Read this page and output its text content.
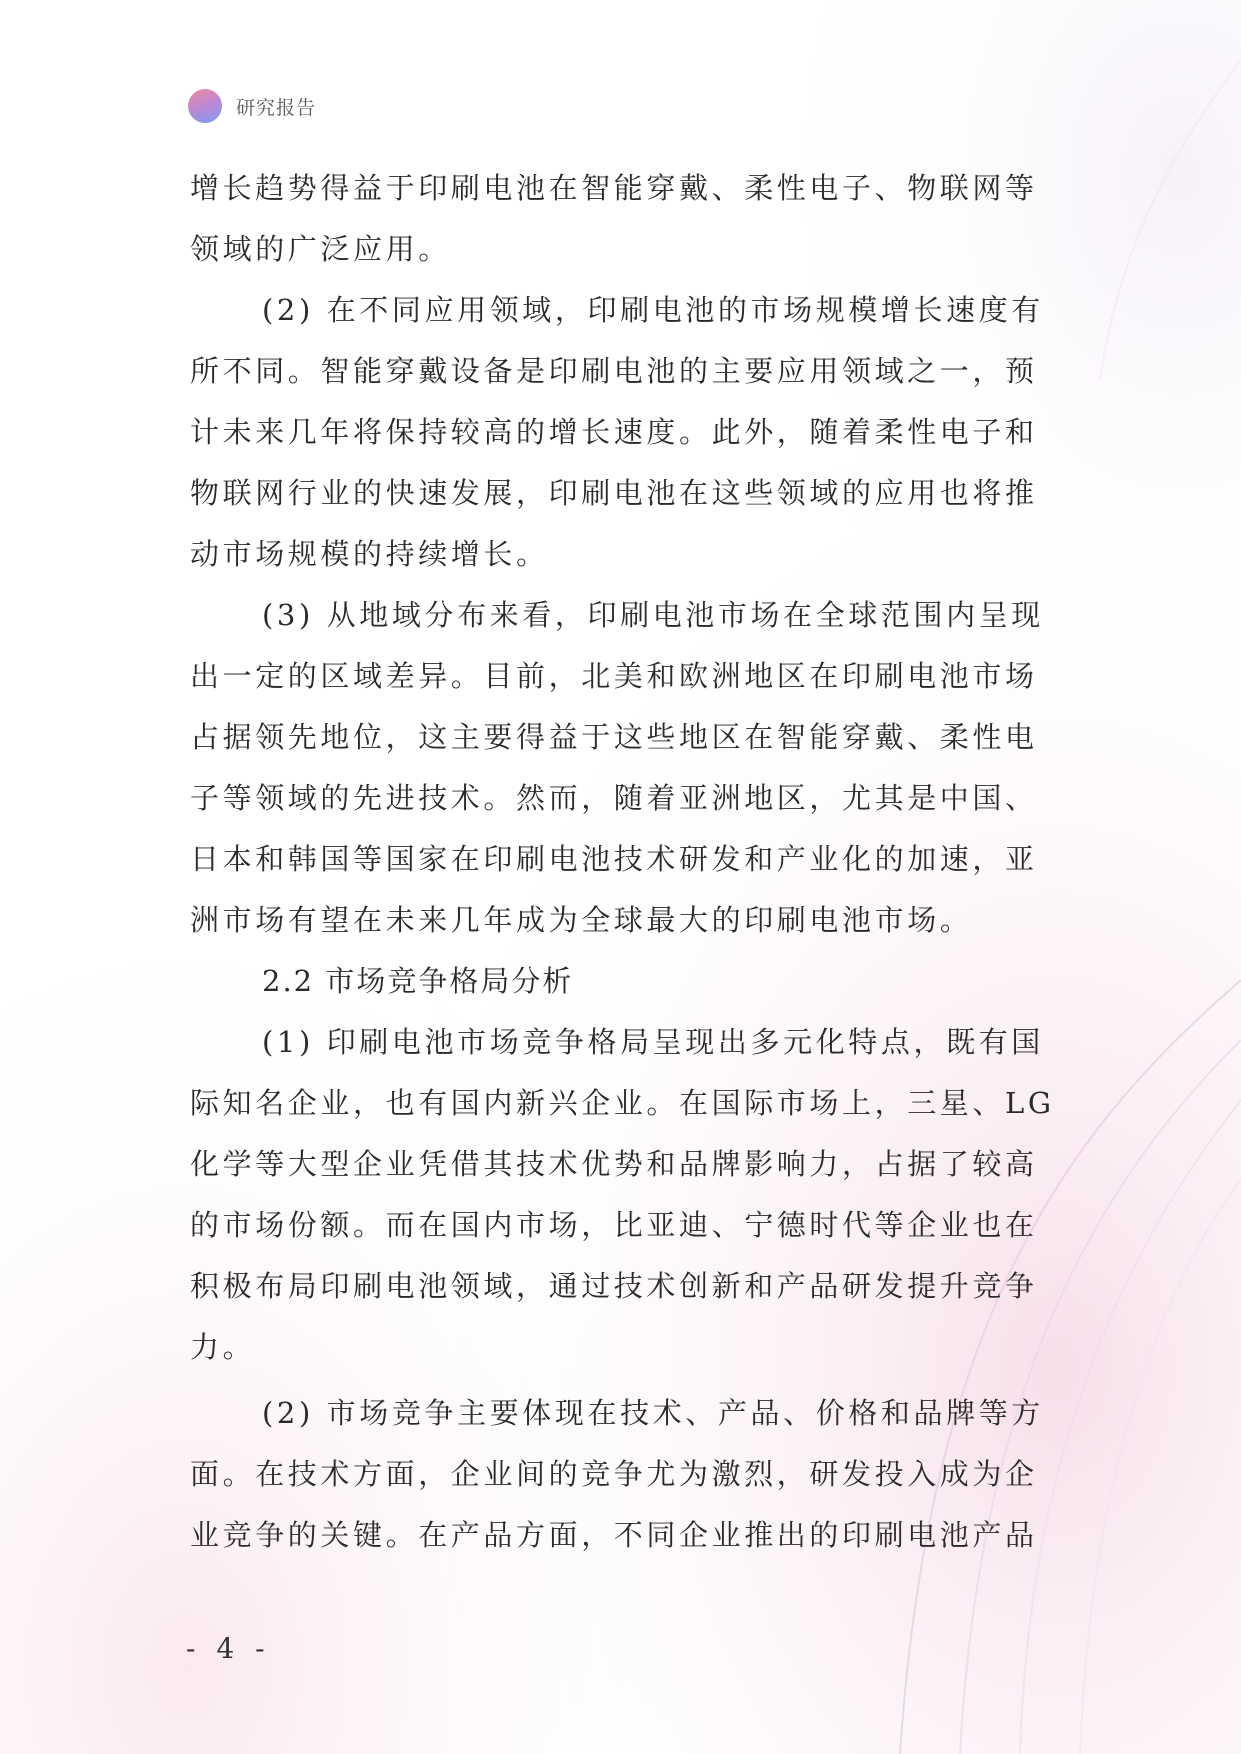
研究报告
增长趋势得益于印刷电池在智能穿戴、柔性电子、物联网等
领域的广泛应用。
(2) 在不同应用领域，印刷电池的市场规模增长速度有
所不同。智能穿戴设备是印刷电池的主要应用领域之一，预
计未来几年将保持较高的增长速度。此外，随着柔性电子和
物联网行业的快速发展，印刷电池在这些领域的应用也将推
动市场规模的持续增长。
(3) 从地域分布来看，印刷电池市场在全球范围内呈现
出一定的区域差异。目前，北美和欧洲地区在印刷电池市场
占据领先地位，这主要得益于这些地区在智能穿戴、柔性电
子等领域的先进技术。然而，随着亚洲地区，尤其是中国、
日本和韩国等国家在印刷电池技术研发和产业化的加速，亚
洲市场有望在未来几年成为全球最大的印刷电池市场。
2.2 市场竞争格局分析
(1) 印刷电池市场竞争格局呈现出多元化特点，既有国
际知名企业，也有国内新兴企业。在国际市场上，三星、LG
化学等大型企业凭借其技术优势和品牌影响力，占据了较高
的市场份额。而在国内市场，比亚迪、宁德时代等企业也在
积极布局印刷电池领域，通过技术创新和产品研发提升竞争
力。
(2) 市场竞争主要体现在技术、产品、价格和品牌等方
面。在技术方面，企业间的竞争尤为激烈，研发投入成为企
业竞争的关键。在产品方面，不同企业推出的印刷电池产品
- 4 -
